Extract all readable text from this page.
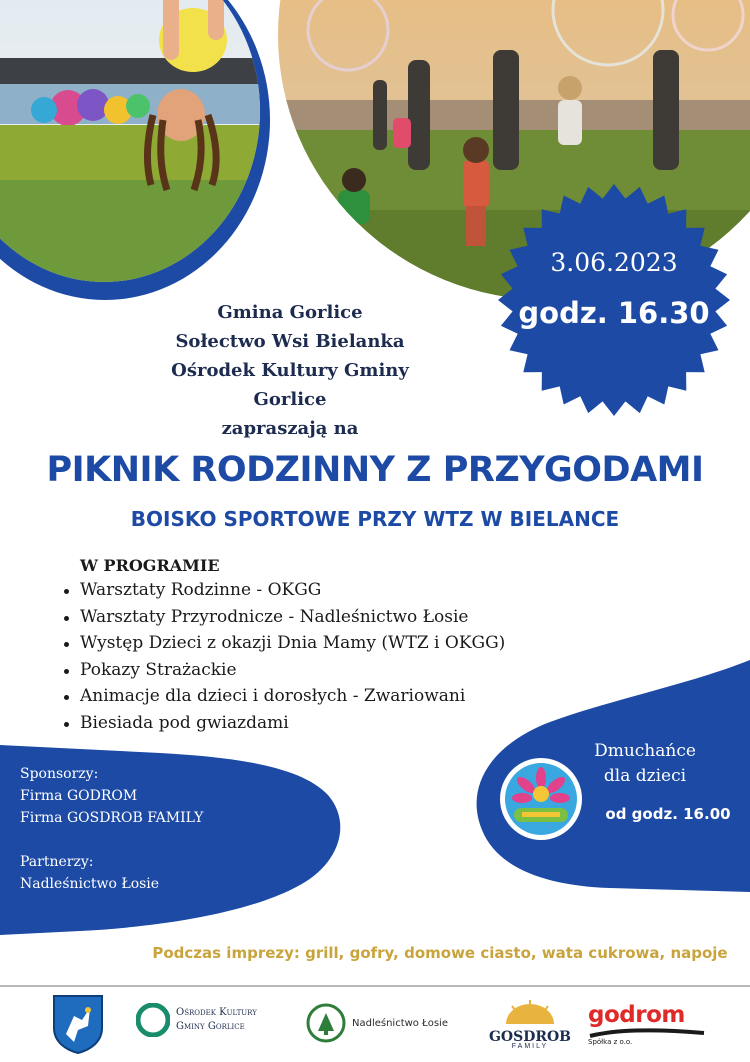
3.06.2023
godz. 16.30
Gmina Gorlice
Sołectwo Wsi Bielanka
Ośrodek Kultury Gminy Gorlice
zapraszają na
PIKNIK RODZINNY Z PRZYGODAMI
BOISKO SPORTOWE PRZY WTZ W BIELANCE
W PROGRAMIE
Warsztaty Rodzinne - OKGG
Warsztaty Przyrodnicze - Nadleśnictwo Łosie
Występ Dzieci z okazji Dnia Mamy (WTZ i OKGG)
Pokazy Strażackie
Animacje dla dzieci i dorosłych - Zwariowani
Biesiada pod gwiazdami
Sponsorzy:
Firma GODROM
Firma GOSDROB FAMILY
Partnerzy:
Nadleśnictwo Łosie
Dmuchańce
dla dzieci
od godz. 16.00
Podczas imprezy: grill, gofry, domowe ciasto, wata cukrowa, napoje
Ośrodek Kultury
Gminy Gorlice	Nadleśnictwo Łosie
GOSDROB
FAMILY
godrom
Spółka z o.o.
